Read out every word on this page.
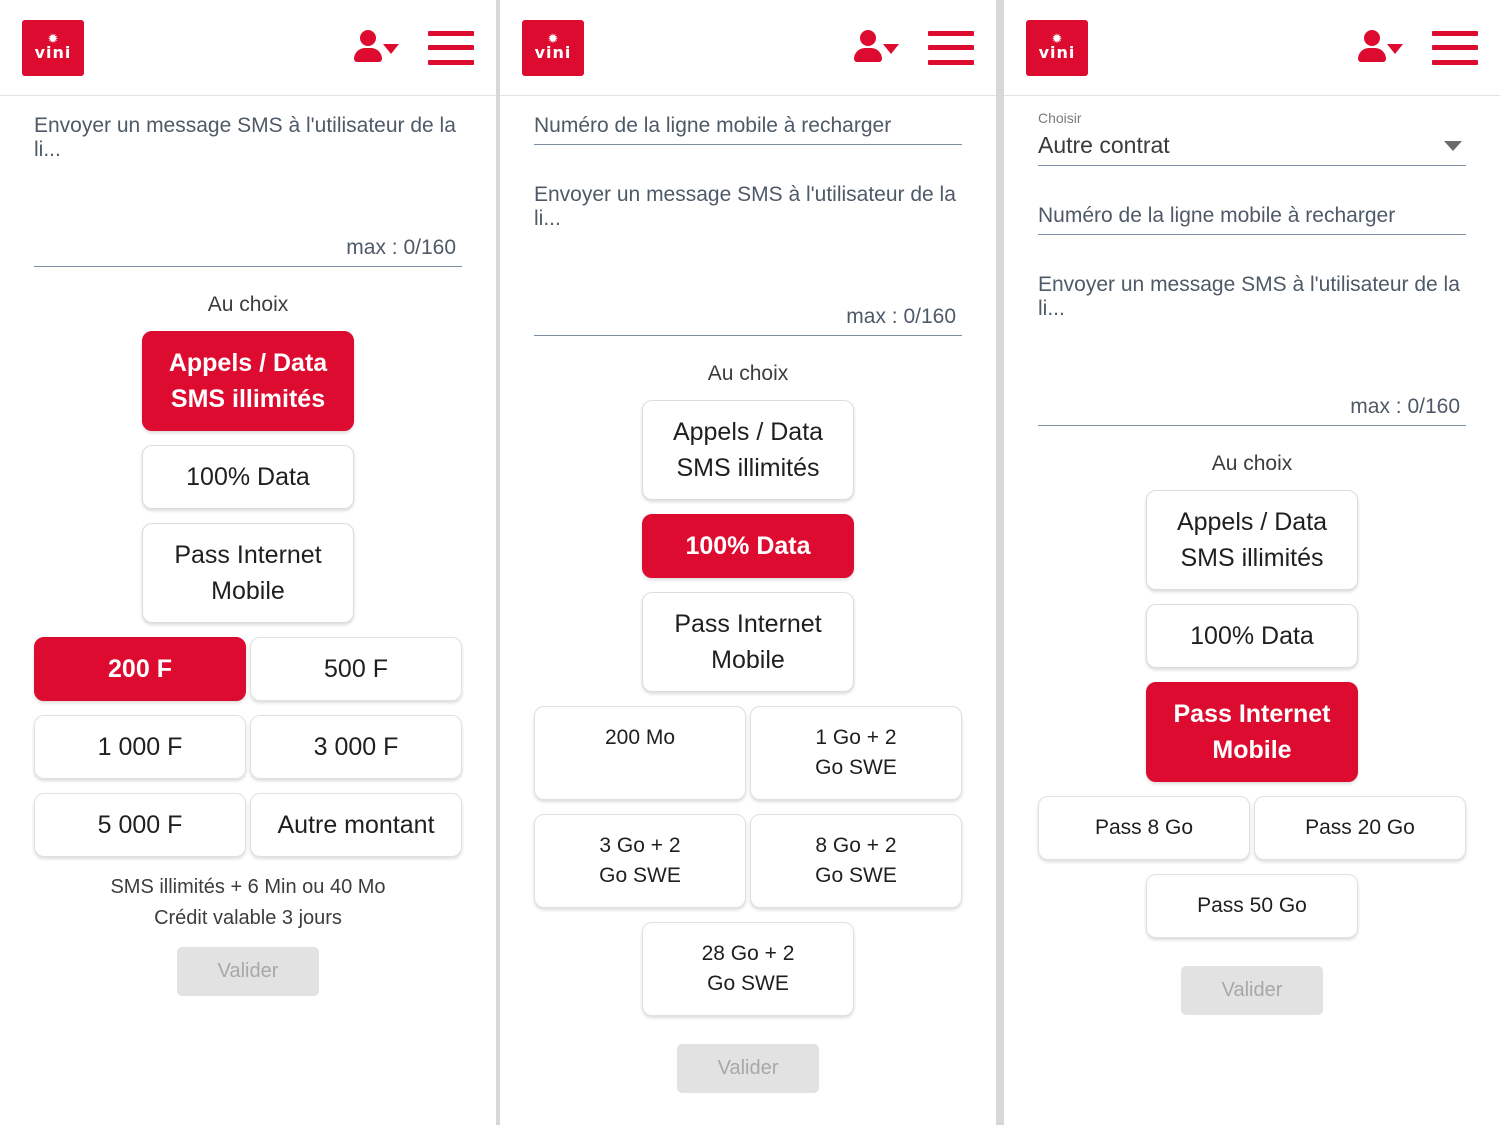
✹
vini
Envoyer un message SMS à l'utilisateur de la li...
max : 0/160
Au choix
Appels / Data
SMS illimités
100% Data
Pass Internet
Mobile
200 F	500 F
1 000 F	3 000 F
5 000 F	Autre montant
SMS illimités + 6 Min ou 40 Mo
Crédit valable 3 jours
Valider
✹
vini
Numéro de la ligne mobile à recharger
Envoyer un message SMS à l'utilisateur de la li...
max : 0/160
Au choix
Appels / Data
SMS illimités
100% Data
Pass Internet
Mobile
200 Mo	1 Go + 2
Go SWE
3 Go + 2
Go SWE
8 Go + 2
Go SWE
28 Go + 2
Go SWE
Valider
✹
vini
Choisir
Autre contrat
Numéro de la ligne mobile à recharger
Envoyer un message SMS à l'utilisateur de la li...
max : 0/160
Au choix
Appels / Data
SMS illimités
100% Data
Pass Internet
Mobile
Pass 8 Go	Pass 20 Go
Pass 50 Go
Valider
